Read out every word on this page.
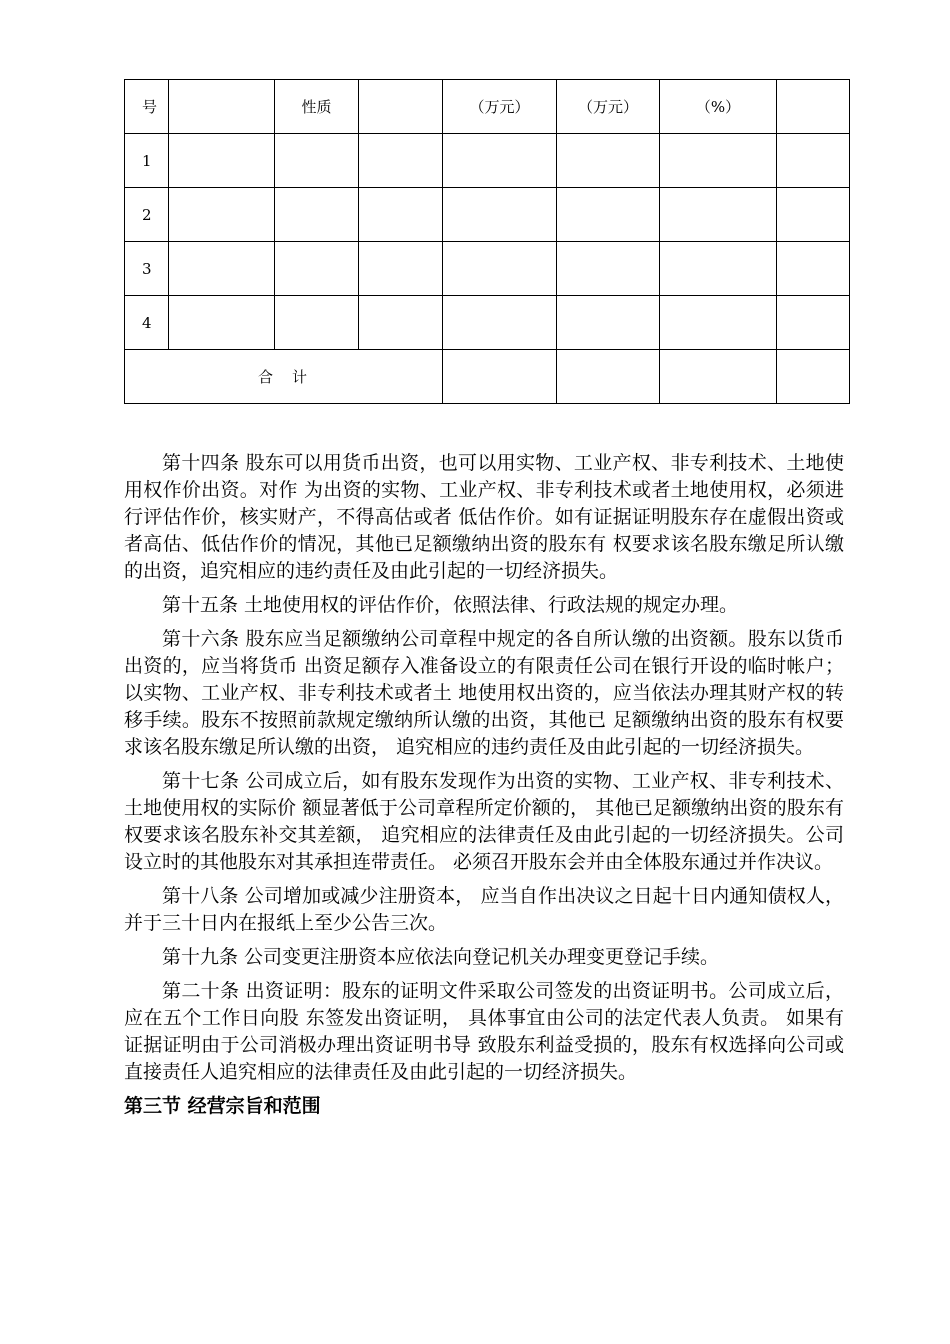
号		性质		（万元）	（万元）	（%）	
1							
2							
3							
4							
合　计							

第十四条 股东可以用货币出资，也可以用实物、工业产权、非专利技术、土地使用权作价出资。对作 为出资的实物、工业产权、非专利技术或者土地使用权，必须进行评估作价，核实财产，不得高估或者 低估作价。如有证据证明股东存在虚假出资或者高估、低估作价的情况，其他已足额缴纳出资的股东有 权要求该名股东缴足所认缴的出资，追究相应的违约责任及由此引起的一切经济损失。

第十五条 土地使用权的评估作价，依照法律、行政法规的规定办理。

第十六条 股东应当足额缴纳公司章程中规定的各自所认缴的出资额。股东以货币出资的，应当将货币 出资足额存入准备设立的有限责任公司在银行开设的临时帐户；以实物、工业产权、非专利技术或者土 地使用权出资的，应当依法办理其财产权的转移手续。股东不按照前款规定缴纳所认缴的出资，其他已 足额缴纳出资的股东有权要求该名股东缴足所认缴的出资， 追究相应的违约责任及由此引起的一切经济损失。

第十七条 公司成立后，如有股东发现作为出资的实物、工业产权、非专利技术、土地使用权的实际价 额显著低于公司章程所定价额的， 其他已足额缴纳出资的股东有权要求该名股东补交其差额， 追究相应的法律责任及由此引起的一切经济损失。公司设立时的其他股东对其承担连带责任。 必须召开股东会并由全体股东通过并作决议。

第十八条 公司增加或减少注册资本， 应当自作出决议之日起十日内通知债权人，并于三十日内在报纸上至少公告三次。

第十九条 公司变更注册资本应依法向登记机关办理变更登记手续。

第二十条 出资证明：股东的证明文件采取公司签发的出资证明书。公司成立后，应在五个工作日向股 东签发出资证明， 具体事宜由公司的法定代表人负责。 如果有证据证明由于公司消极办理出资证明书导 致股东利益受损的，股东有权选择向公司或直接责任人追究相应的法律责任及由此引起的一切经济损失。

第三节 经营宗旨和范围
